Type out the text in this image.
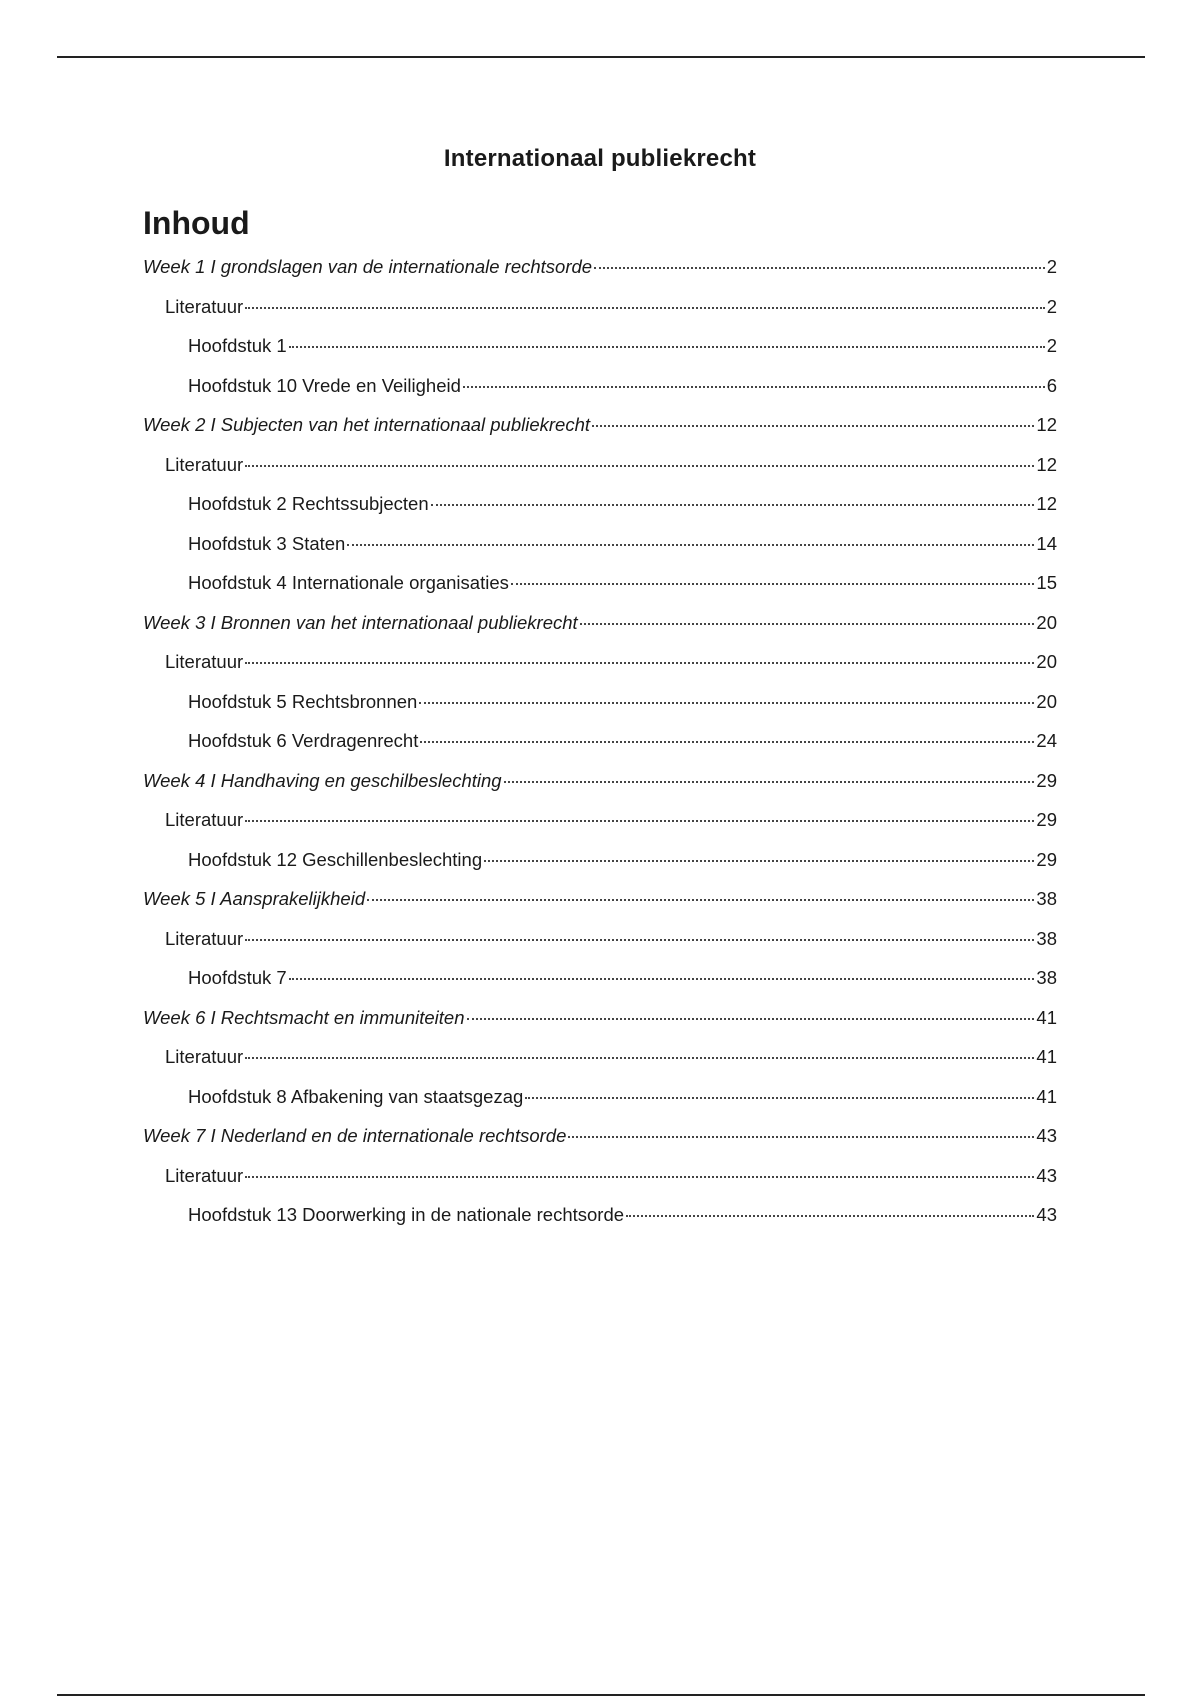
Internationaal publiekrecht
Inhoud
Week 1 I grondslagen van de internationale rechtsorde	2
Literatuur	2
Hoofdstuk 1	2
Hoofdstuk 10 Vrede en Veiligheid	6
Week 2 I Subjecten van het internationaal publiekrecht	12
Literatuur	12
Hoofdstuk 2 Rechtssubjecten	12
Hoofdstuk 3 Staten	14
Hoofdstuk 4 Internationale organisaties	15
Week 3 I Bronnen van het internationaal publiekrecht	20
Literatuur	20
Hoofdstuk 5 Rechtsbronnen	20
Hoofdstuk 6 Verdragenrecht	24
Week 4 I Handhaving en geschilbeslechting	29
Literatuur	29
Hoofdstuk 12 Geschillenbeslechting	29
Week 5 I Aansprakelijkheid	38
Literatuur	38
Hoofdstuk 7	38
Week 6 I Rechtsmacht en immuniteiten	41
Literatuur	41
Hoofdstuk 8 Afbakening van staatsgezag	41
Week 7 I Nederland en de internationale rechtsorde	43
Literatuur	43
Hoofdstuk 13 Doorwerking in de nationale rechtsorde	43
